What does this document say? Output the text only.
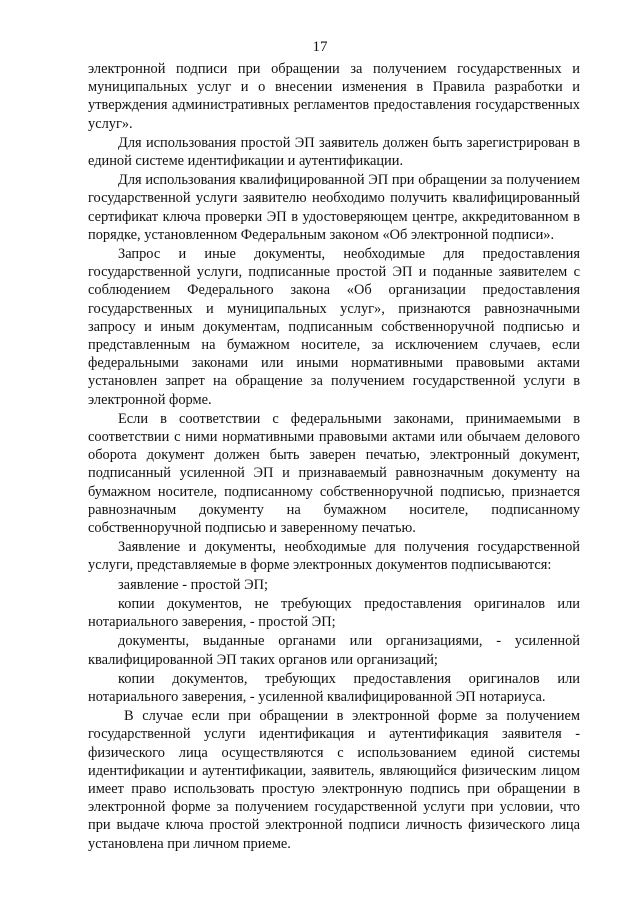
17

электронной подписи при обращении за получением государственных и муниципальных услуг и о внесении изменения в Правила разработки и утверждения административных регламентов предоставления государственных услуг».

Для использования простой ЭП заявитель должен быть зарегистрирован в единой системе идентификации и аутентификации.

Для использования квалифицированной ЭП при обращении за получением государственной услуги заявителю необходимо получить квалифицированный сертификат ключа проверки ЭП в удостоверяющем центре, аккредитованном в порядке, установленном Федеральным законом «Об электронной подписи».

Запрос и иные документы, необходимые для предоставления государственной услуги, подписанные простой ЭП и поданные заявителем с соблюдением Федерального закона «Об организации предоставления государственных и муниципальных услуг», признаются равнозначными запросу и иным документам, подписанным собственноручной подписью и представленным на бумажном носителе, за исключением случаев, если федеральными законами или иными нормативными правовыми актами установлен запрет на обращение за получением государственной услуги в электронной форме.

Если в соответствии с федеральными законами, принимаемыми в соответствии с ними нормативными правовыми актами или обычаем делового оборота документ должен быть заверен печатью, электронный документ, подписанный усиленной ЭП и признаваемый равнозначным документу на бумажном носителе, подписанному собственноручной подписью, признается равнозначным документу на бумажном носителе, подписанному собственноручной подписью и заверенному печатью.

Заявление и документы, необходимые для получения государственной услуги, представляемые в форме электронных документов подписываются:

заявление - простой ЭП;

копии документов, не требующих предоставления оригиналов или нотариального заверения, - простой ЭП;

документы, выданные органами или организациями, - усиленной квалифицированной ЭП таких органов или организаций;

копии документов, требующих предоставления оригиналов или нотариального заверения, - усиленной квалифицированной ЭП нотариуса.

В случае если при обращении в электронной форме за получением государственной услуги идентификация и аутентификация заявителя - физического лица осуществляются с использованием единой системы идентификации и аутентификации, заявитель, являющийся физическим лицом имеет право использовать простую электронную подпись при обращении в электронной форме за получением государственной услуги при условии, что при выдаче ключа простой электронной подписи личность физического лица установлена при личном приеме.
